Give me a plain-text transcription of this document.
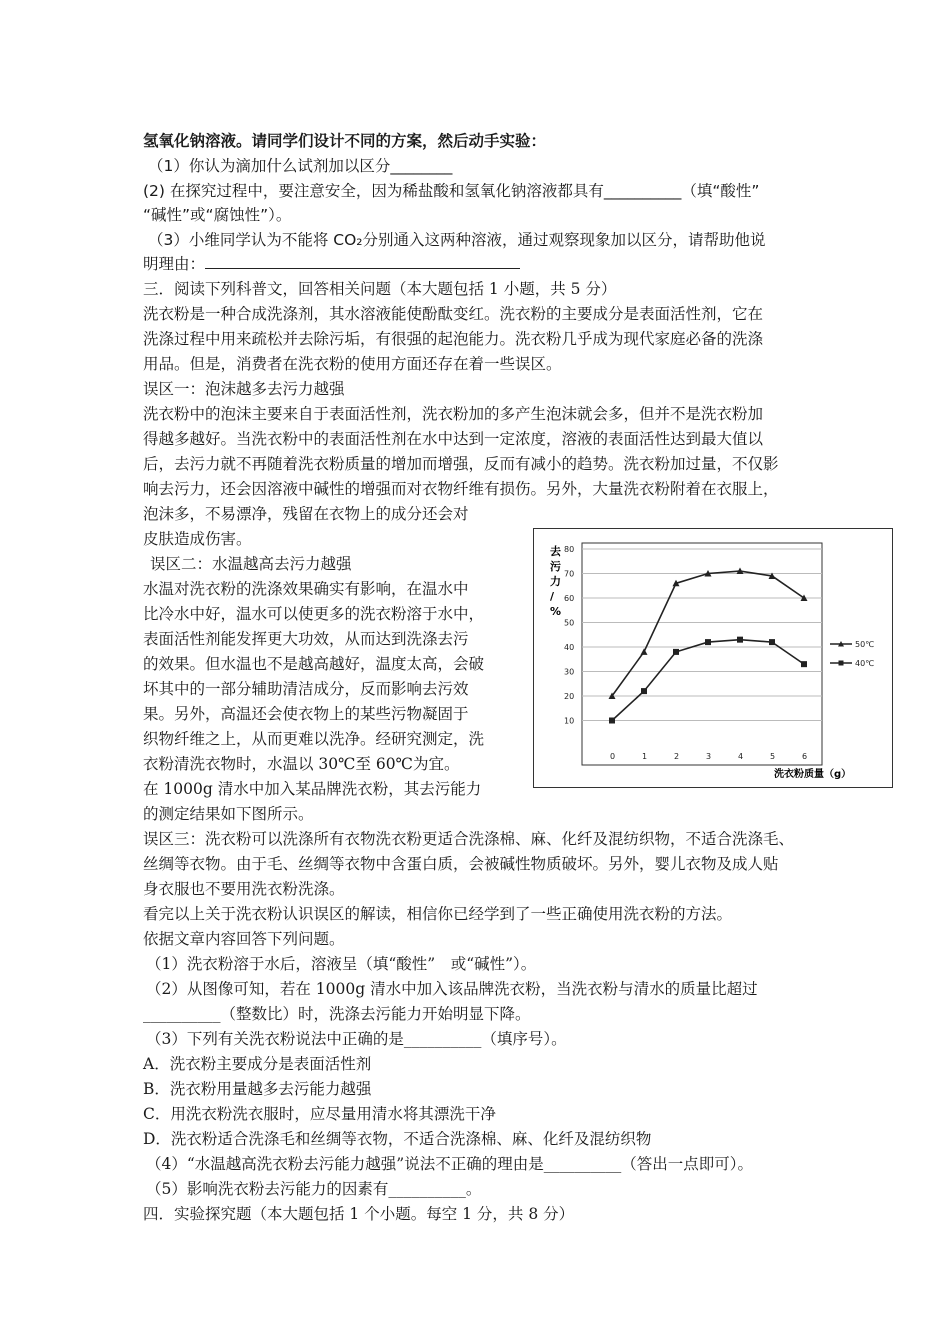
氢氧化钠溶液。请同学们设计不同的方案，然后动手实验：
（1）你认为滴加什么试剂加以区分________
(2) 在探究过程中，要注意安全，因为稀盐酸和氢氧化钠溶液都具有__________（填“酸性”
“碱性”或“腐蚀性”）。
（3）小维同学认为不能将 CO₂分别通入这两种溶液，通过观察现象加以区分，请帮助他说
明理由：
三．阅读下列科普文，回答相关问题（本大题包括 1 小题，共 5 分）
洗衣粉是一种合成洗涤剂，其水溶液能使酚酞变红。洗衣粉的主要成分是表面活性剂，它在
洗涤过程中用来疏松并去除污垢，有很强的起泡能力。洗衣粉几乎成为现代家庭必备的洗涤
用品。但是，消费者在洗衣粉的使用方面还存在着一些误区。
误区一：泡沫越多去污力越强
洗衣粉中的泡沫主要来自于表面活性剂，洗衣粉加的多产生泡沫就会多，但并不是洗衣粉加
得越多越好。当洗衣粉中的表面活性剂在水中达到一定浓度，溶液的表面活性达到最大值以
后，去污力就不再随着洗衣粉质量的增加而增强，反而有减小的趋势。洗衣粉加过量，不仅影
响去污力，还会因溶液中碱性的增强而对衣物纤维有损伤。另外，大量洗衣粉附着在衣服上，
泡沫多，不易漂净，残留在衣物上的成分还会对
皮肤造成伤害。
误区二：水温越高去污力越强
水温对洗衣粉的洗涤效果确实有影响，在温水中
比冷水中好，温水可以使更多的洗衣粉溶于水中，
表面活性剂能发挥更大功效，从而达到洗涤去污
的效果。但水温也不是越高越好，温度太高，会破
坏其中的一部分辅助清洁成分，反而影响去污效
果。另外，高温还会使衣物上的某些污物凝固于
织物纤维之上，从而更难以洗净。经研究测定，洗
衣粉清洗衣物时，水温以 30℃至 60℃为宜。
在 1000g 清水中加入某品牌洗衣粉，其去污能力
的测定结果如下图所示。
误区三：洗衣粉可以洗涤所有衣物洗衣粉更适合洗涤棉、麻、化纤及混纺织物，不适合洗涤毛、
丝绸等衣物。由于毛、丝绸等衣物中含蛋白质，会被碱性物质破坏。另外，婴儿衣物及成人贴
身衣服也不要用洗衣粉洗涤。
看完以上关于洗衣粉认识误区的解读，相信你已经学到了一些正确使用洗衣粉的方法。
依据文章内容回答下列问题。
（1）洗衣粉溶于水后，溶液呈（填“酸性”　或“碱性”）。
（2）从图像可知，若在 1000g 清水中加入该品牌洗衣粉，当洗衣粉与清水的质量比超过
__________（整数比）时，洗涤去污能力开始明显下降。
（3）下列有关洗衣粉说法中正确的是__________（填序号）。
A．洗衣粉主要成分是表面活性剂
B．洗衣粉用量越多去污能力越强
C．用洗衣粉洗衣服时，应尽量用清水将其漂洗干净
D．洗衣粉适合洗涤毛和丝绸等衣物，不适合洗涤棉、麻、化纤及混纺织物
（4）“水温越高洗衣粉去污能力越强”说法不正确的理由是__________（答出一点即可）。
（5）影响洗衣粉去污能力的因素有__________。
四．实验探究题（本大题包括 1 个小题。每空 1 分，共 8 分）
10
20
30
40
50
60
70
80
0	1	2	3	4	5	6
50℃
40℃
去污力/ %
洗衣粉质量（g）
